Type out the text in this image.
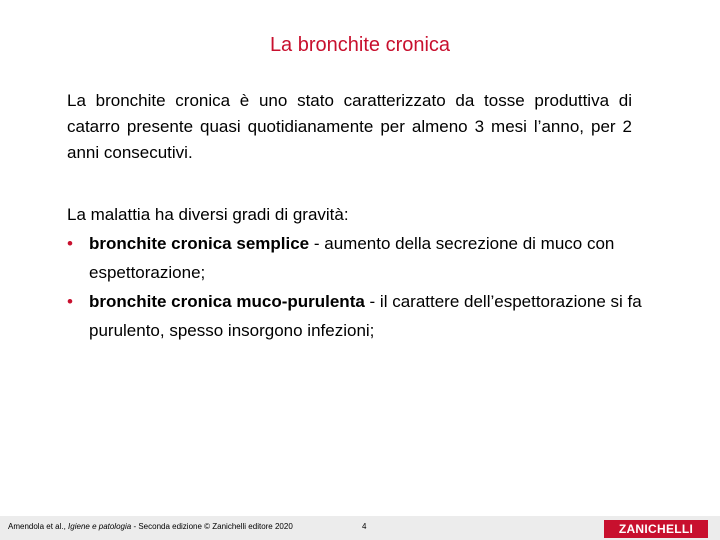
La bronchite cronica
La bronchite cronica è uno stato caratterizzato da tosse produttiva di catarro presente quasi quotidianamente per almeno 3 mesi l’anno, per 2 anni consecutivi.
La malattia ha diversi gradi di gravità:
• bronchite cronica semplice - aumento della secrezione di muco con espettorazione;
• bronchite cronica muco-purulenta - il carattere dell’espettorazione si fa purulento, spesso insorgono infezioni;
Amendola et al., Igiene e patologia - Seconda edizione © Zanichelli editore 2020	4	ZANICHELLI
